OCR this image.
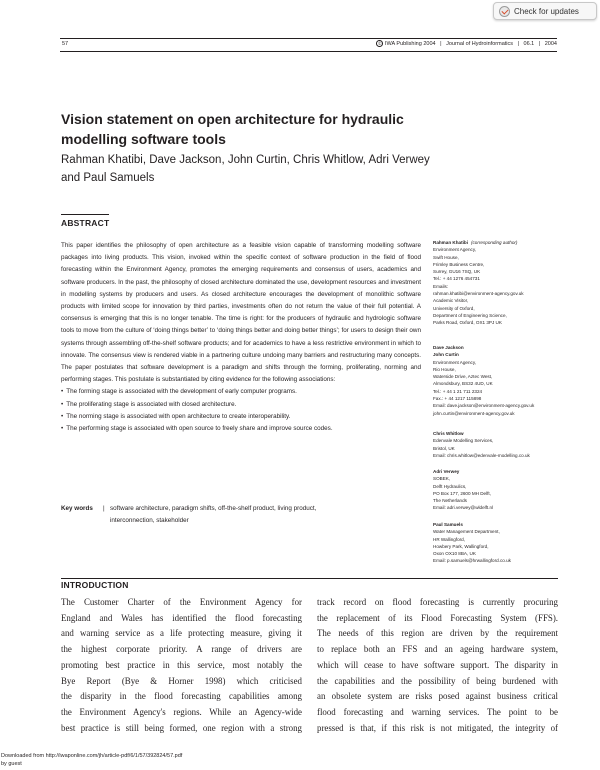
Check for updates
57	© IWA Publishing 2004 | Journal of Hydroinformatics | 06.1 | 2004
Vision statement on open architecture for hydraulic modelling software tools
Rahman Khatibi, Dave Jackson, John Curtin, Chris Whitlow, Adri Verwey
and Paul Samuels
ABSTRACT

This paper identifies the philosophy of open architecture as a feasible vision capable of transforming modelling software packages into living products. This vision, invoked within the specific context of software production in the field of flood forecasting within the Environment Agency, promotes the emerging requirements and consensus of users, academics and software producers. In the past, the philosophy of closed architecture dominated the use, development resources and investment in modelling systems by producers and users. As closed architecture encourages the development of monolithic software products with limited scope for innovation by third parties, investments often do not return the value of their full potential. A consensus is emerging that this is no longer tenable. The time is right: for the producers of hydraulic and hydrologic software tools to move from the culture of ‘doing things better’ to ‘doing things better and doing better things’; for users to design their own systems through assembling off-the-shelf software products; and for academics to have a less restrictive environment in which to innovate. The consensus view is rendered viable in a partnering culture undoing many barriers and restructuring many concepts. The paper postulates that software development is a paradigm and shifts through the forming, proliferating, norming and performing stages. This postulate is substantiated by citing evidence for the following associations:

• The forming stage is associated with the development of early computer programs.
• The proliferating stage is associated with closed architecture.
• The norming stage is associated with open architecture to create interoperability.
• The performing stage is associated with open source to freely share and improve source codes.
Key words | software architecture, paradigm shifts, off-the-shelf product, living product,
interconnection, stakeholder
Rahman Khatibi (corresponding author)
Environment Agency,
Swift House,
Frimley Business Centre,
Surrey, GU16 7SQ, UK
Tel.: + 44 1276 454731
Emails:
rahman.khatibi@environment-agency.gov.uk
Academic Visitor,
University of Oxford,
Department of Engineering Science,
Parks Road, Oxford, OX1 3PJ UK
Dave Jackson
John Curtin
Environment Agency,
Rio House,
Waterside Drive, Aztec West,
Almondsbury, BS32 4UD, UK
Tel.: + 44 1 21 711 2324
Fax.: + 44 1217 115898
Email: dave.jackson@environment-agency.gov.uk
john.curtin@environment-agency.gov.uk
Chris Whitlow
Edenvale Modelling Services,
Bristol, UK
Email: chris.whitlow@edenvale-modelling.co.uk
Adri Verwey
SOBEK,
Delft Hydraulics,
PO Box 177, 2600 MH Delft,
The Netherlands
Email: adri.verwey@wldelft.nl
Paul Samuels
Water Management Department,
HR Wallingford,
Howbery Park, Wallingford,
Oxon OX10 8BA, UK
Email: p.samuels@hrwallingford.co.uk
INTRODUCTION
The Customer Charter of the Environment Agency for
England and Wales has identified the flood forecasting
and warning service as a life protecting measure, giving it
the highest corporate priority. A range of drivers are
promoting best practice in this service, most notably the
Bye Report (Bye & Horner 1998) which criticised
the disparity in the flood forecasting capabilities among
the Environment Agency's regions. While an Agency-wide
best practice is still being formed, one region with a strong
track record on flood forecasting is currently procuring
the replacement of its Flood Forecasting System (FFS).
The needs of this region are driven by the requirement
to replace both an FFS and an ageing hardware system,
which will cease to have software support. The disparity in
the capabilities and the possibility of being burdened with
an obsolete system are risks posed against business critical
flood forecasting and warning services. The point to be
pressed is that, if this risk is not mitigated, the integrity of
Downloaded from http://iwaponline.com/jh/article-pdf/6/1/57/392824/57.pdf
by guest
